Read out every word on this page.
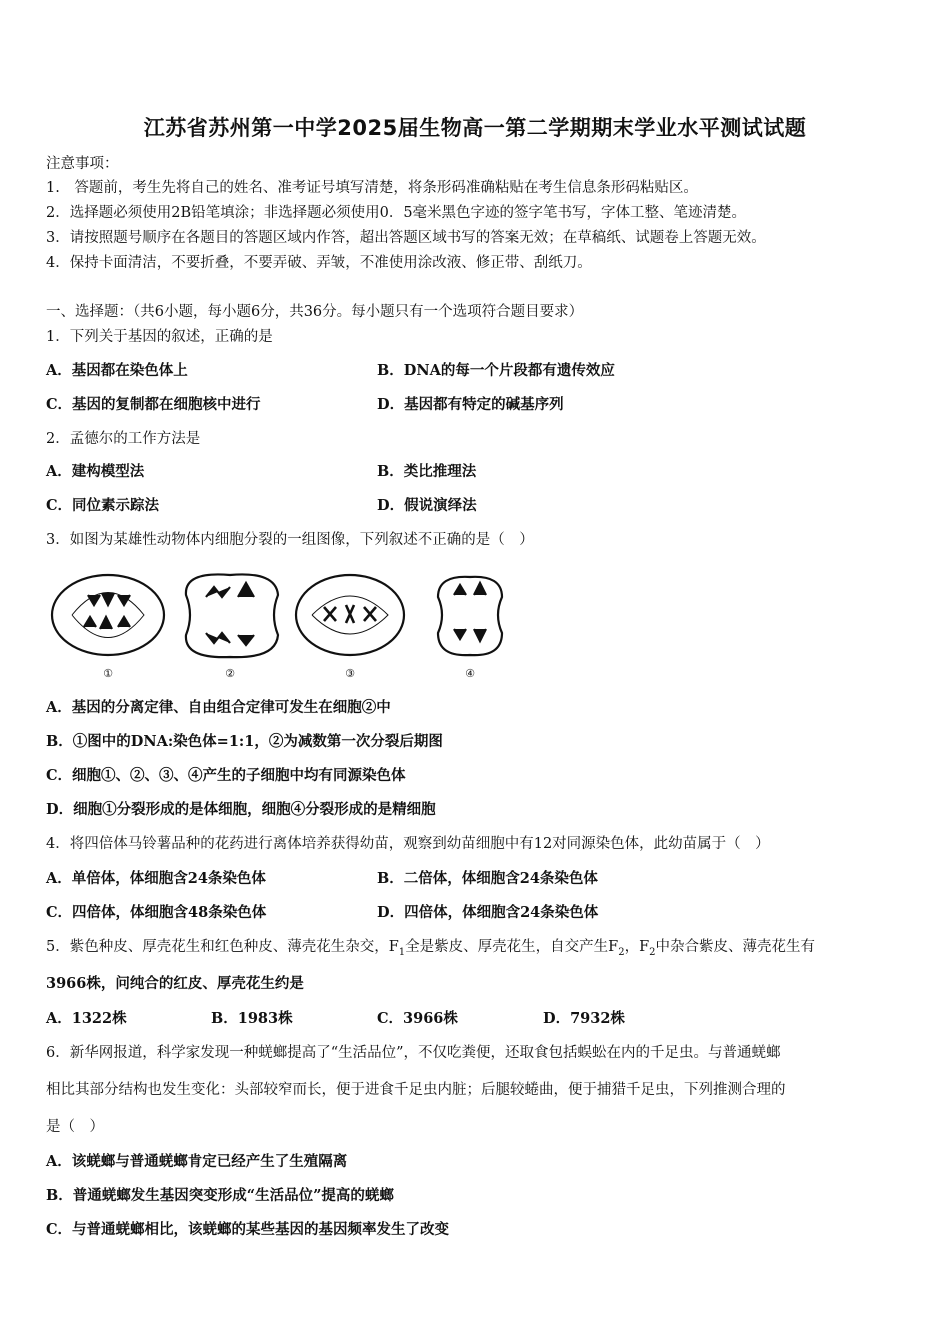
江苏省苏州第一中学2025届生物高一第二学期期末学业水平测试试题
注意事项：
1.　答题前，考生先将自己的姓名、准考证号填写清楚，将条形码准确粘贴在考生信息条形码粘贴区。
2．选择题必须使用2B铅笔填涂；非选择题必须使用0．5毫米黑色字迹的签字笔书写，字体工整、笔迹清楚。
3．请按照题号顺序在各题目的答题区域内作答，超出答题区域书写的答案无效；在草稿纸、试题卷上答题无效。
4．保持卡面清洁，不要折叠，不要弄破、弄皱，不准使用涂改液、修正带、刮纸刀。
一、选择题：（共6小题，每小题6分，共36分。每小题只有一个选项符合题目要求）
1．下列关于基因的叙述，正确的是
A．基因都在染色体上	B．DNA的每一个片段都有遗传效应
C．基因的复制都在细胞核中进行	D．基因都有特定的碱基序列
2．孟德尔的工作方法是
A．建构模型法	B．类比推理法
C．同位素示踪法	D．假说演绎法
3．如图为某雄性动物体内细胞分裂的一组图像，下列叙述不正确的是（　）
①	②	③	④
A．基因的分离定律、自由组合定律可发生在细胞②中
B．①图中的DNA:染色体=1:1，②为减数第一次分裂后期图
C．细胞①、②、③、④产生的子细胞中均有同源染色体
D．细胞①分裂形成的是体细胞，细胞④分裂形成的是精细胞
4．将四倍体马铃薯品种的花药进行离体培养获得幼苗，观察到幼苗细胞中有12对同源染色体，此幼苗属于（　）
A．单倍体，体细胞含24条染色体	B．二倍体，体细胞含24条染色体
C．四倍体，体细胞含48条染色体	D．四倍体，体细胞含24条染色体
5．紫色种皮、厚壳花生和红色种皮、薄壳花生杂交，$F_1$全是紫皮、厚壳花生，自交产生$F_2$，$F_2$中杂合紫皮、薄壳花生有
3966株，问纯合的红皮、厚壳花生约是
A．1322株	B．1983株	C．3966株	D．7932株
6．新华网报道，科学家发现一种蜣螂提高了“生活品位”，不仅吃粪便，还取食包括蜈蚣在内的千足虫。与普通蜣螂
相比其部分结构也发生变化：头部较窄而长，便于进食千足虫内脏；后腿较蜷曲，便于捕猎千足虫，下列推测合理的
是（　）
A．该蜣螂与普通蜣螂肯定已经产生了生殖隔离
B．普通蜣螂发生基因突变形成“生活品位”提高的蜣螂
C．与普通蜣螂相比，该蜣螂的某些基因的基因频率发生了改变
